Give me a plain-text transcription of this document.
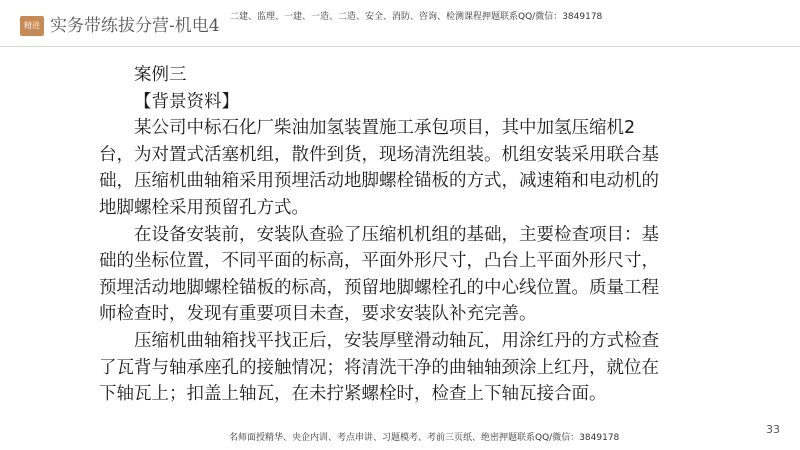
精进 实务带练拔分营-机电4 二建、监理、一建、一造、二造、安全、消防、咨询、检测课程押题联系QQ/微信：3849178

案例三

【背景资料】

某公司中标石化厂柴油加氢装置施工承包项目，其中加氢压缩机2台，为对置式活塞机组，散件到货，现场清洗组装。机组安装采用联合基础，压缩机曲轴箱采用预埋活动地脚螺栓锚板的方式，减速箱和电动机的地脚螺栓采用预留孔方式。

在设备安装前，安装队查验了压缩机机组的基础，主要检查项目：基础的坐标位置，不同平面的标高，平面外形尺寸，凸台上平面外形尺寸，预埋活动地脚螺栓锚板的标高，预留地脚螺栓孔的中心线位置。质量工程师检查时，发现有重要项目未查，要求安装队补充完善。

压缩机曲轴箱找平找正后，安装厚壁滑动轴瓦，用涂红丹的方式检查了瓦背与轴承座孔的接触情况；将清洗干净的曲轴轴颈涂上红丹，就位在下轴瓦上；扣盖上轴瓦，在未拧紧螺栓时，检查上下轴瓦接合面。

33
名师面授精华、央企内训、考点串讲、习题模考、考前三页纸、绝密押题联系QQ/微信：3849178
